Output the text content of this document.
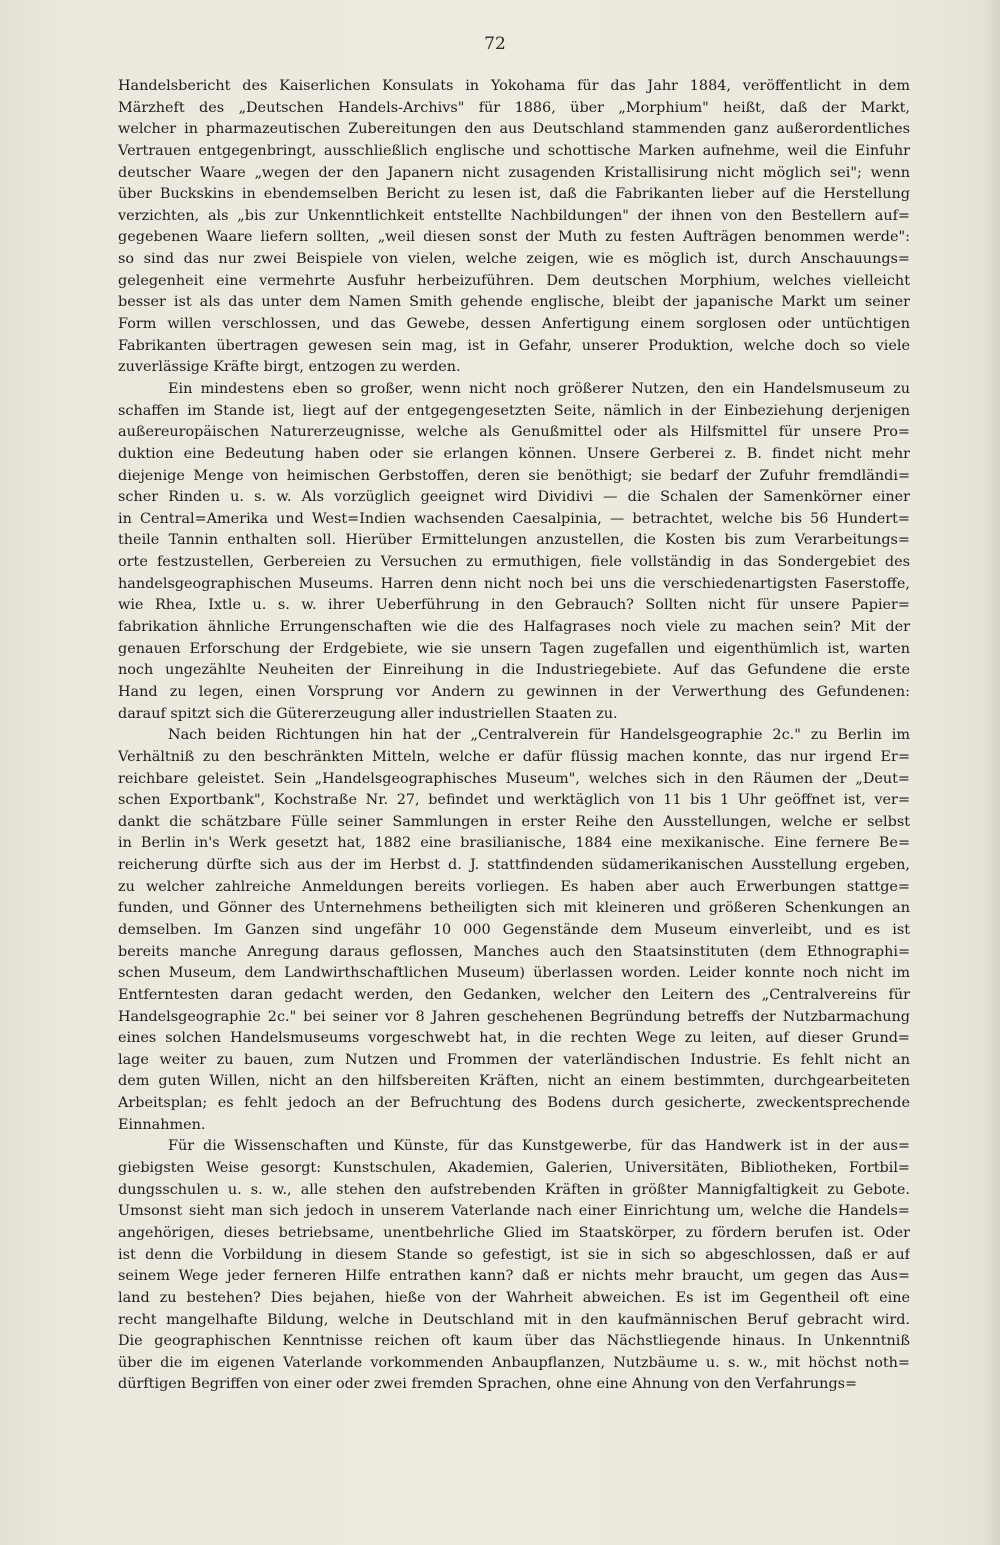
72
Handelsbericht des Kaiserlichen Konsulats in Yokohama für das Jahr 1884, veröffentlicht in dem
Märzheft des „Deutschen Handels-Archivs" für 1886, über „Morphium" heißt, daß der Markt,
welcher in pharmazeutischen Zubereitungen den aus Deutschland stammenden ganz außerordentliches
Vertrauen entgegenbringt, ausschließlich englische und schottische Marken aufnehme, weil die Einfuhr
deutscher Waare „wegen der den Japanern nicht zusagenden Kristallisirung nicht möglich sei"; wenn
über Buckskins in ebendemselben Bericht zu lesen ist, daß die Fabrikanten lieber auf die Herstellung
verzichten, als „bis zur Unkenntlichkeit entstellte Nachbildungen" der ihnen von den Bestellern auf=
gegebenen Waare liefern sollten, „weil diesen sonst der Muth zu festen Aufträgen benommen werde":
so sind das nur zwei Beispiele von vielen, welche zeigen, wie es möglich ist, durch Anschauungs=
gelegenheit eine vermehrte Ausfuhr herbeizuführen. Dem deutschen Morphium, welches vielleicht
besser ist als das unter dem Namen Smith gehende englische, bleibt der japanische Markt um seiner
Form willen verschlossen, und das Gewebe, dessen Anfertigung einem sorglosen oder untüchtigen
Fabrikanten übertragen gewesen sein mag, ist in Gefahr, unserer Produktion, welche doch so viele
zuverlässige Kräfte birgt, entzogen zu werden.
Ein mindestens eben so großer, wenn nicht noch größerer Nutzen, den ein Handelsmuseum zu
schaffen im Stande ist, liegt auf der entgegengesetzten Seite, nämlich in der Einbeziehung derjenigen
außereuropäischen Naturerzeugnisse, welche als Genußmittel oder als Hilfsmittel für unsere Pro=
duktion eine Bedeutung haben oder sie erlangen können. Unsere Gerberei z. B. findet nicht mehr
diejenige Menge von heimischen Gerbstoffen, deren sie benöthigt; sie bedarf der Zufuhr fremdländi=
scher Rinden u. s. w. Als vorzüglich geeignet wird Dividivi — die Schalen der Samenkörner einer
in Central=Amerika und West=Indien wachsenden Caesalpinia, — betrachtet, welche bis 56 Hundert=
theile Tannin enthalten soll. Hierüber Ermittelungen anzustellen, die Kosten bis zum Verarbeitungs=
orte festzustellen, Gerbereien zu Versuchen zu ermuthigen, fiele vollständig in das Sondergebiet des
handelsgeographischen Museums. Harren denn nicht noch bei uns die verschiedenartigsten Faserstoffe,
wie Rhea, Ixtle u. s. w. ihrer Ueberführung in den Gebrauch? Sollten nicht für unsere Papier=
fabrikation ähnliche Errungenschaften wie die des Halfagrases noch viele zu machen sein? Mit der
genauen Erforschung der Erdgebiete, wie sie unsern Tagen zugefallen und eigenthümlich ist, warten
noch ungezählte Neuheiten der Einreihung in die Industriegebiete. Auf das Gefundene die erste
Hand zu legen, einen Vorsprung vor Andern zu gewinnen in der Verwerthung des Gefundenen:
darauf spitzt sich die Gütererzeugung aller industriellen Staaten zu.
Nach beiden Richtungen hin hat der „Centralverein für Handelsgeographie 2c." zu Berlin im
Verhältniß zu den beschränkten Mitteln, welche er dafür flüssig machen konnte, das nur irgend Er=
reichbare geleistet. Sein „Handelsgeographisches Museum", welches sich in den Räumen der „Deut=
schen Exportbank", Kochstraße Nr. 27, befindet und werktäglich von 11 bis 1 Uhr geöffnet ist, ver=
dankt die schätzbare Fülle seiner Sammlungen in erster Reihe den Ausstellungen, welche er selbst
in Berlin in's Werk gesetzt hat, 1882 eine brasilianische, 1884 eine mexikanische. Eine fernere Be=
reicherung dürfte sich aus der im Herbst d. J. stattfindenden südamerikanischen Ausstellung ergeben,
zu welcher zahlreiche Anmeldungen bereits vorliegen. Es haben aber auch Erwerbungen stattge=
funden, und Gönner des Unternehmens betheiligten sich mit kleineren und größeren Schenkungen an
demselben. Im Ganzen sind ungefähr 10 000 Gegenstände dem Museum einverleibt, und es ist
bereits manche Anregung daraus geflossen, Manches auch den Staatsinstituten (dem Ethnographi=
schen Museum, dem Landwirthschaftlichen Museum) überlassen worden. Leider konnte noch nicht im
Entferntesten daran gedacht werden, den Gedanken, welcher den Leitern des „Centralvereins für
Handelsgeographie 2c." bei seiner vor 8 Jahren geschehenen Begründung betreffs der Nutzbarmachung
eines solchen Handelsmuseums vorgeschwebt hat, in die rechten Wege zu leiten, auf dieser Grund=
lage weiter zu bauen, zum Nutzen und Frommen der vaterländischen Industrie. Es fehlt nicht an
dem guten Willen, nicht an den hilfsbereiten Kräften, nicht an einem bestimmten, durchgearbeiteten
Arbeitsplan; es fehlt jedoch an der Befruchtung des Bodens durch gesicherte, zweckentsprechende
Einnahmen.
Für die Wissenschaften und Künste, für das Kunstgewerbe, für das Handwerk ist in der aus=
giebigsten Weise gesorgt: Kunstschulen, Akademien, Galerien, Universitäten, Bibliotheken, Fortbil=
dungsschulen u. s. w., alle stehen den aufstrebenden Kräften in größter Mannigfaltigkeit zu Gebote.
Umsonst sieht man sich jedoch in unserem Vaterlande nach einer Einrichtung um, welche die Handels=
angehörigen, dieses betriebsame, unentbehrliche Glied im Staatskörper, zu fördern berufen ist. Oder
ist denn die Vorbildung in diesem Stande so gefestigt, ist sie in sich so abgeschlossen, daß er auf
seinem Wege jeder ferneren Hilfe entrathen kann? daß er nichts mehr braucht, um gegen das Aus=
land zu bestehen? Dies bejahen, hieße von der Wahrheit abweichen. Es ist im Gegentheil oft eine
recht mangelhafte Bildung, welche in Deutschland mit in den kaufmännischen Beruf gebracht wird.
Die geographischen Kenntnisse reichen oft kaum über das Nächstliegende hinaus. In Unkenntniß
über die im eigenen Vaterlande vorkommenden Anbaupflanzen, Nutzbäume u. s. w., mit höchst noth=
dürftigen Begriffen von einer oder zwei fremden Sprachen, ohne eine Ahnung von den Verfahrungs=
